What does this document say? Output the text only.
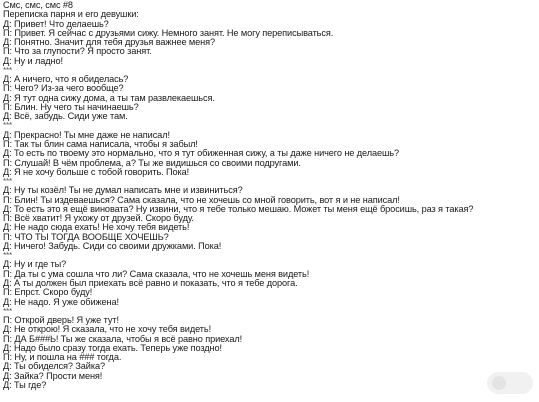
Смс, смс, смс #8
Переписка парня и его девушки:
Д: Привет! Что делаешь?
П: Привет. Я сейчас с друзьями сижу. Немного занят. Не могу переписываться.
Д: Понятно. Значит для тебя друзья важнее меня?
П: Что за глупости? Я просто занят.
Д: Ну и ладно!
***
Д: А ничего, что я обиделась?
П: Чего? Из-за чего вообще?
Д: Я тут одна сижу дома, а ты там развлекаешься.
П: Блин. Ну чего ты начинаешь?
Д: Всё, забудь. Сиди уже там.
***
Д: Прекрасно! Ты мне даже не написал!
П: Так ты блин сама написала, чтобы я забыл!
Д: То есть по твоему это нормально, что я тут обиженная сижу, а ты даже ничего не делаешь?
П: Слушай! В чём проблема, а? Ты же видишься со своими подругами.
Д: Я не хочу больше с тобой говорить. Пока!
***
Д: Ну ты козёл! Ты не думал написать мне и извиниться?
П: Блин! Ты издеваешься? Сама сказала, что не хочешь со мной говорить, вот я и не написал!
Д: То есть это я ещё виновата? Ну извини, что я тебе только мешаю. Может ты меня ещё бросишь, раз я такая?
П: Всё хватит! Я ухожу от друзей. Скоро буду.
Д: Не надо сюда ехать! Не хочу тебя видеть!
П: ЧТО ТЫ ТОГДА ВООБЩЕ ХОЧЕШЬ?
Д: Ничего! Забудь. Сиди со своими дружками. Пока!
***
Д: Ну и где ты?
П: Да ты с ума сошла что ли? Сама сказала, что не хочешь меня видеть!
Д: А ты должен был приехать всё равно и показать, что я тебе дорога.
П: Ёпрст. Скоро буду!
Д: Не надо. Я уже обижена!
***
П: Открой дверь! Я уже тут!
Д: Не открою! Я сказала, что не хочу тебя видеть!
П: ДА Б###Ь! Ты же сказала, чтобы я всё равно приехал!
Д: Надо было сразу тогда ехать. Теперь уже поздно!
П: Ну, и пошла на ### тогда.
Д: Ты обиделся? Зайка?
Д: Зайка? Прости меня!
Д: Ты где?
